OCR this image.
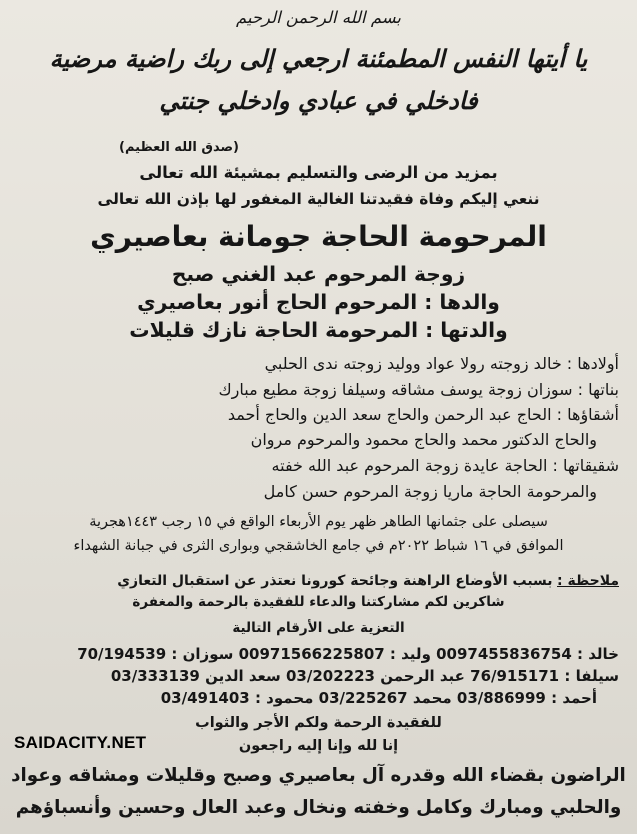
بسم الله الرحمن الرحيم
يا أيتها النفس المطمئنة ارجعي إلى ربك راضية مرضية
فادخلي في عبادي وادخلي جنتي
(صدق الله العظيم)
بمزيد من الرضى والتسليم بمشيئة الله تعالى
ننعي إليكم وفاة فقيدتنا الغالية المغفور لها بإذن الله تعالى
المرحومة الحاجة جومانة بعاصيري
زوجة المرحوم عبد الغني صبح
والدها : المرحوم الحاج أنور بعاصيري
والدتها : المرحومة الحاجة نازك قليلات
أولادها : خالد زوجته رولا عواد ووليد زوجته ندى الحلبي
بناتها : سوزان زوجة يوسف مشاقه وسيلفا زوجة مطيع مبارك
أشقاؤها : الحاج عبد الرحمن والحاج سعد الدين والحاج أحمد
والحاج الدكتور محمد والحاج محمود والمرحوم مروان
شقيقاتها : الحاجة عايدة زوجة المرحوم عبد الله خفته
والمرحومة الحاجة ماريا زوجة المرحوم حسن كامل
سيصلى على جثمانها الطاهر ظهر يوم الأربعاء الواقع في ١٥ رجب ١٤٤٣هجرية
الموافق في ١٦ شباط ٢٠٢٢م في جامع الخاشقجي وبوارى الثرى في جبانة الشهداء
ملاحظة : بسبب الأوضاع الراهنة وجائحة كورونا نعتذر عن استقبال التعازي
شاكرين لكم مشاركتنا والدعاء للفقيدة بالرحمة والمغفرة
التعزية على الأرقام التالية
خالد : 0097455836754 وليد : 00971566225807 سوزان : 70/194539
سيلفا : 76/915171 عبد الرحمن 03/202223 سعد الدين 03/333139
أحمد : 03/886999 محمد 03/225267 محمود : 03/491403
للفقيدة الرحمة ولكم الأجر والثواب
إنا لله وإنا إليه راجعون
الراضون بقضاء الله وقدره آل بعاصيري وصبح وقليلات ومشاقه وعواد
والحلبي ومبارك وكامل وخفته ونخال وعبد العال وحسين وأنسباؤهم
SAIDACITY.NET
